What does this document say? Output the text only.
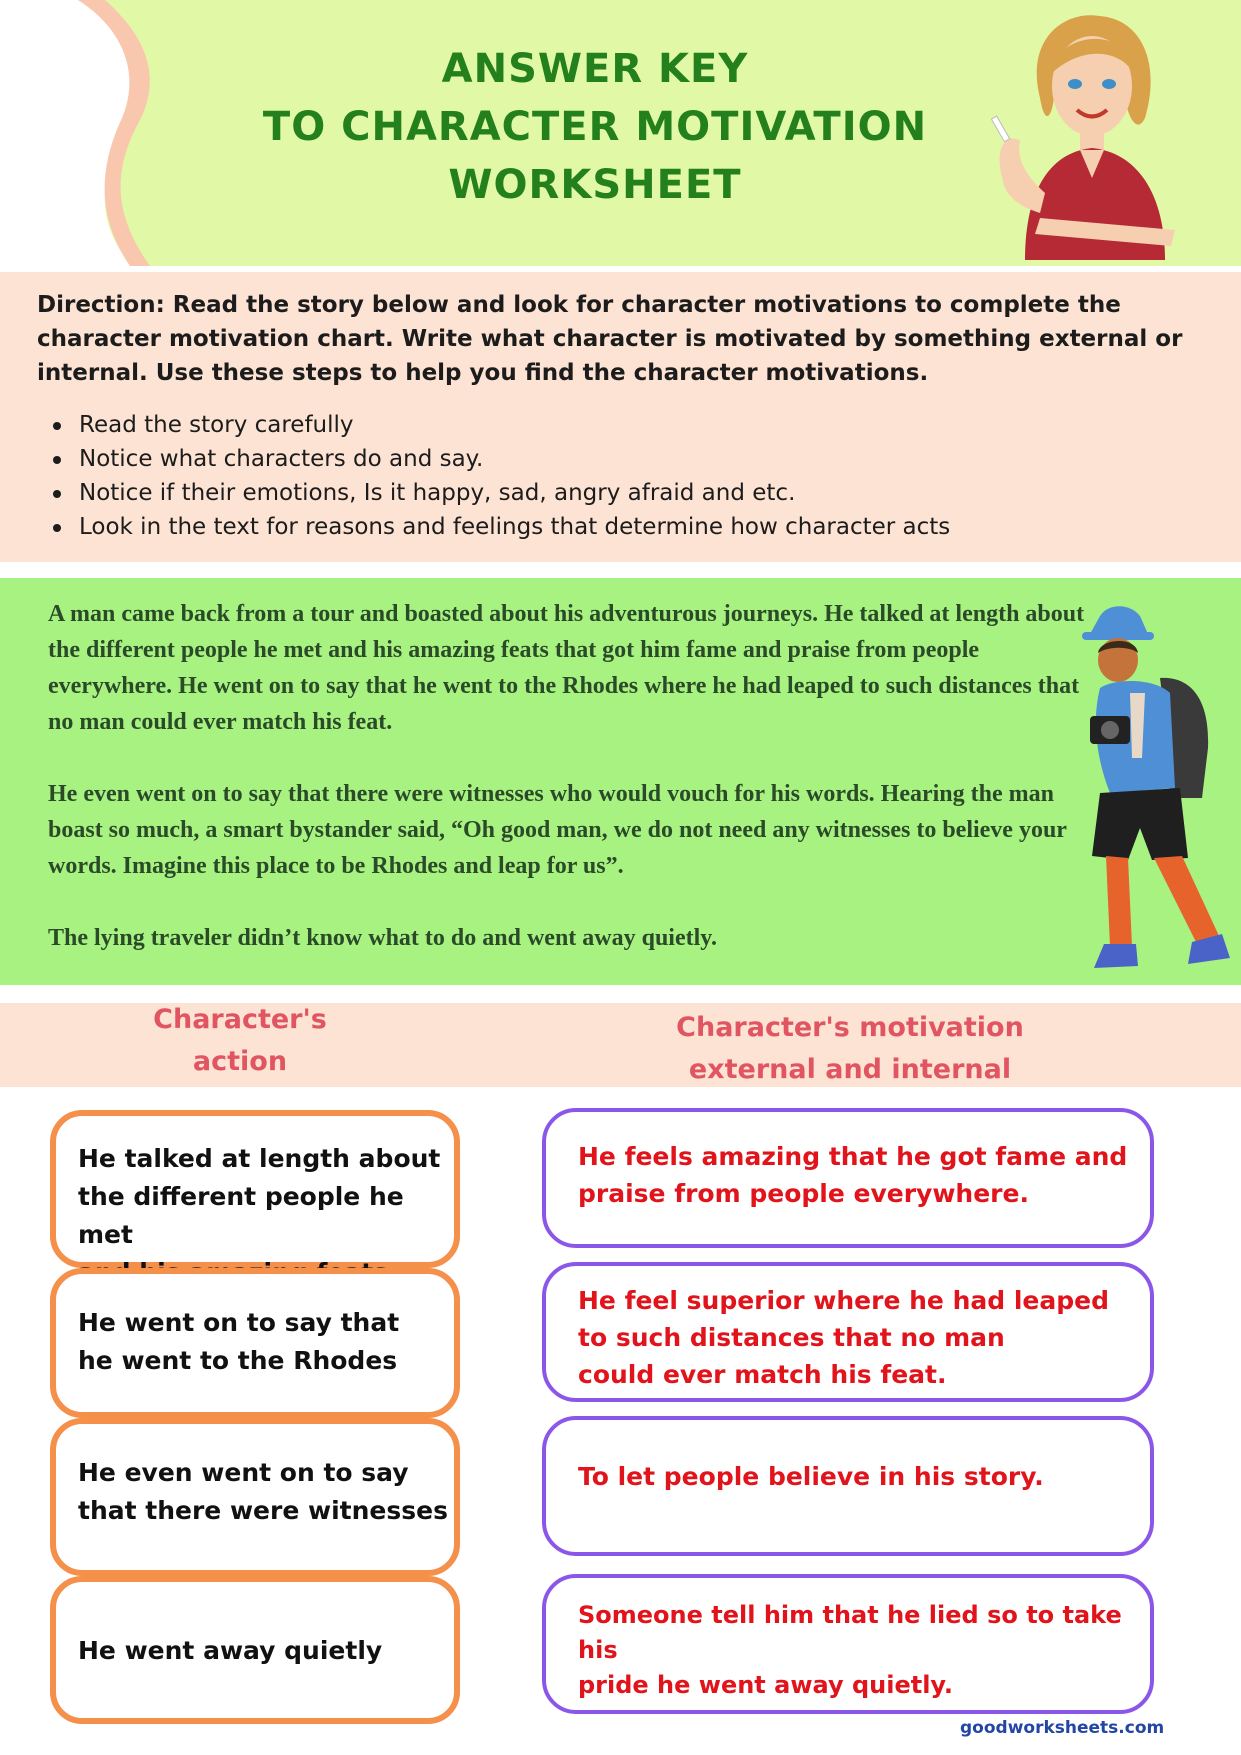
ANSWER KEY
TO CHARACTER MOTIVATION
WORKSHEET

Direction: Read the story below and look for character motivations to complete the character motivation chart. Write what character is motivated by something external or internal. Use these steps to help you find the character motivations.

Read the story carefully
Notice what characters do and say.
Notice if their emotions, Is it happy, sad, angry afraid and etc.
Look in the text for reasons and feelings that determine how character acts

A man came back from a tour and boasted about his adventurous journeys. He talked at length about the different people he met and his amazing feats that got him fame and praise from people everywhere. He went on to say that he went to the Rhodes where he had leaped to such distances that no man could ever match his feat.

He even went on to say that there were witnesses who would vouch for his words. Hearing the man boast so much, a smart bystander said, “Oh good man, we do not need any witnesses to believe your words. Imagine this place to be Rhodes and leap for us”.

The lying traveler didn’t know what to do and went away quietly.

Character's
action
Character's motivation
external and internal
He talked at length about
the different people he met

He went on to say that
he went to the Rhodes
He even went on to say
that there were witnesses
He went away quietly
He feels amazing that he got fame and
praise from people everywhere.
He feel superior where he had leaped
to such distances that no man
could ever match his feat.
To let people believe in his story.
Someone tell him that he lied so to take his
pride he went away quietly.
goodworksheets.com
